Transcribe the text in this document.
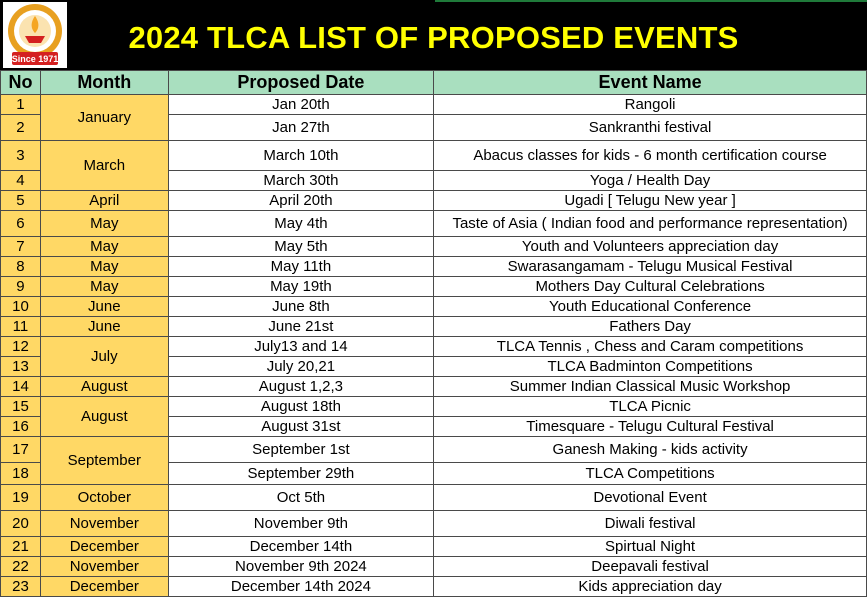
Since 1971
2024 TLCA LIST OF PROPOSED EVENTS
No	Month	Proposed Date	Event Name
1	January	Jan 20th	Rangoli
2		Jan 27th	Sankranthi festival
3	March	March 10th	Abacus classes for kids - 6 month certification course
4		March 30th	Yoga / Health Day
5	April	April 20th	Ugadi [ Telugu New year ]
6	May	May 4th	Taste of Asia ( Indian food and performance representation)
7	May	May 5th	Youth and Volunteers appreciation day
8	May	May 11th	Swarasangamam - Telugu Musical Festival
9	May	May 19th	Mothers Day Cultural Celebrations
10	June	June 8th	Youth Educational Conference
11	June	June 21st	Fathers Day
12	July	July13 and 14	TLCA Tennis , Chess and Caram competitions
13		July 20,21	TLCA Badminton Competitions
14	August	August 1,2,3	Summer Indian Classical Music Workshop
15	August	August 18th	TLCA Picnic
16		August 31st	Timesquare - Telugu Cultural Festival
17	September	September 1st	Ganesh Making - kids activity
18		September 29th	TLCA Competitions
19	October	Oct 5th	Devotional Event
20	November	November 9th	Diwali festival
21	December	December 14th	Spirtual Night
22	November	November 9th 2024	Deepavali festival
23	December	December 14th 2024	Kids appreciation day
